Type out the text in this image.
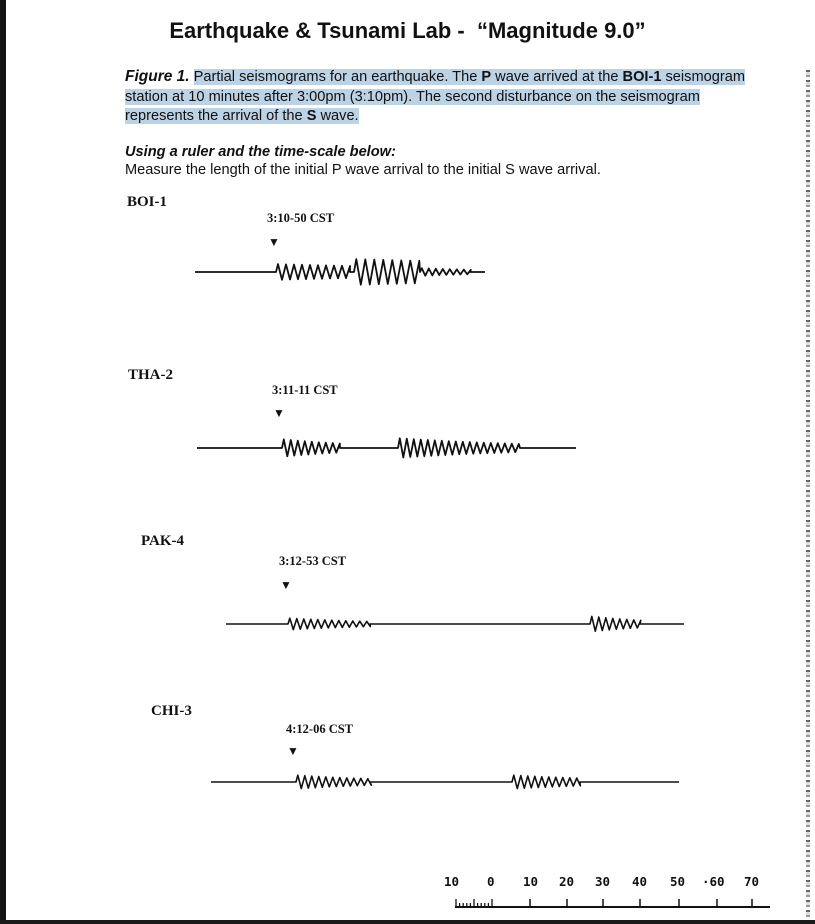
Earthquake & Tsunami Lab -  “Magnitude 9.0”
Figure 1. Partial seismograms for an earthquake. The P wave arrived at the BOI-1 seismogram station at 10 minutes after 3:00pm (3:10pm). The second disturbance on the seismogram represents the arrival of the S wave.
Using a ruler and the time-scale below:
Measure the length of the initial P wave arrival to the initial S wave arrival.
BOI-1
3:10-50 CST
▼
THA-2
3:11-11 CST
▼
PAK-4
3:12-53 CST
▼
CHI-3
4:12-06 CST
▼
10 0 10 20 30 40 50 ·60 70
